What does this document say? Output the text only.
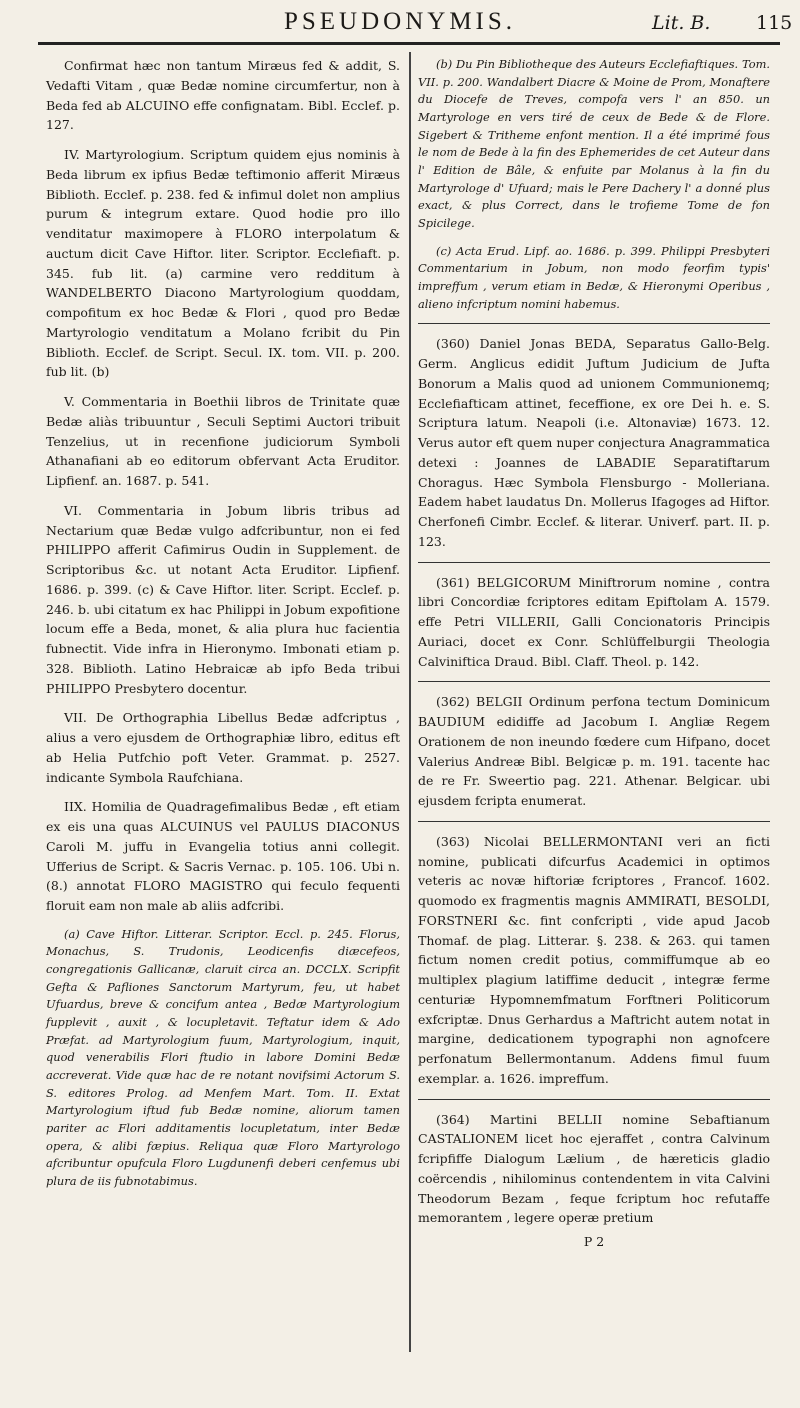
PSEUDONYMIS.	Lit. B. 115

Confirmat hæc non tantum Miræus fed & addit, S. Vedafti Vitam , quæ Bedæ nomine circumfertur, non à Beda fed ab ALCUINO effe confignatam. Bibl. Ecclef. p. 127.

IV. Martyrologium. Scriptum quidem ejus nominis à Beda librum ex ipfius Bedæ teftimonio afferit Miræus Biblioth. Ecclef. p. 238. fed & infimul dolet non amplius purum & integrum extare. Quod hodie pro illo venditatur maximopere à FLORO interpolatum & auctum dicit Cave Hiftor. liter. Scriptor. Ecclefiaft. p. 345. fub lit. (a) carmine vero redditum à WANDELBERTO Diacono Martyrologium quoddam, compofitum ex hoc Bedæ & Flori , quod pro Bedæ Martyrologio venditatum a Molano fcribit du Pin Biblioth. Ecclef. de Script. Secul. IX. tom. VII. p. 200. fub lit. (b)

V. Commentaria in Boethii libros de Trinitate quæ Bedæ aliàs tribuuntur , Seculi Septimi Auctori tribuit Tenzelius, ut in recenfione judiciorum Symboli Athanafiani ab eo editorum obfervant Acta Eruditor. Lipfienf. an. 1687. p. 541.

VI. Commentaria in Jobum libris tribus ad Nectarium quæ Bedæ vulgo adfcribuntur, non ei fed PHILIPPO afferit Cafimirus Oudin in Supplement. de Scriptoribus &c. ut notant Acta Eruditor. Lipfienf. 1686. p. 399. (c) & Cave Hiftor. liter. Script. Ecclef. p. 246. b. ubi citatum ex hac Philippi in Jobum expofitione locum effe a Beda, monet, & alia plura huc facientia fubnectit. Vide infra in Hieronymo. Imbonati etiam p. 328. Biblioth. Latino Hebraicæ ab ipfo Beda tribui PHILIPPO Presbytero docentur.

VII. De Orthographia Libellus Bedæ adfcriptus , alius a vero ejusdem de Orthographiæ libro, editus eft ab Helia Putfchio poft Veter. Grammat. p. 2527. indicante Symbola Raufchiana.

IIX. Homilia de Quadragefimalibus Bedæ , eft etiam ex eis una quas ALCUINUS vel PAULUS DIACONUS Caroli M. juffu in Evangelia totius anni collegit. Ufferius de Script. & Sacris Vernac. p. 105. 106. Ubi n. (8.) annotat FLORO MAGISTRO qui feculo fequenti floruit eam non male ab aliis adfcribi.

(a) Cave Hiftor. Litterar. Scriptor. Eccl. p. 245. Florus, Monachus, S. Trudonis, Leodicenfis diæcefeos, congregationis Gallicanæ, claruit circa an. DCCLX. Scripfit Gefta & Pafliones Sanctorum Martyrum, feu, ut habet Ufuardus, breve & concifum antea , Bedæ Martyrologium fupplevit , auxit , & locupletavit. Teftatur idem & Ado Præfat. ad Martyrologium fuum, Martyrologium, inquit, quod venerabilis Flori ftudio in labore Domini Bedæ accreverat. Vide quæ hac de re notant novifsimi Actorum S. S. editores Prolog. ad Menfem Mart. Tom. II. Extat Martyrologium iftud fub Bedæ nomine, aliorum tamen pariter ac Flori additamentis locupletatum, inter Bedæ opera, & alibi fæpius. Reliqua quæ Floro Martyrologo afcribuntur opufcula Floro Lugdunenfi deberi cenfemus ubi plura de iis fubnotabimus.

(b) Du Pin Bibliotheque des Auteurs Ecclefiaftiques. Tom. VII. p. 200. Wandalbert Diacre & Moine de Prom, Monaftere du Diocefe de Treves, compofa vers l' an 850. un Martyrologe en vers tiré de ceux de Bede & de Flore. Sigebert & Tritheme enfont mention. Il a été imprimé fous le nom de Bede à la fin des Ephemerides de cet Auteur dans l' Edition de Bâle, & enfuite par Molanus à la fin du Martyrologe d' Ufuard; mais le Pere Dachery l' a donné plus exact, & plus Correct, dans le trofieme Tome de fon Spicilege.

(c) Acta Erud. Lipf. ao. 1686. p. 399. Philippi Presbyteri Commentarium in Jobum, non modo feorfim typis' impreffum , verum etiam in Bedæ, & Hieronymi Operibus , alieno infcriptum nomini habemus.

(360) Daniel Jonas BEDA, Separatus Gallo-Belg. Germ. Anglicus edidit Juftum Judicium de Jufta Bonorum a Malis quod ad unionem Communionemq; Ecclefiafticam attinet, feceffione, ex ore Dei h. e. S. Scriptura latum. Neapoli (i.e. Altonaviæ) 1673. 12. Verus autor eft quem nuper conjectura Anagrammatica detexi : Joannes de LABADIE Separatiftarum Choragus. Hæc Symbola Flensburgo - Molleriana. Eadem habet laudatus Dn. Mollerus Ifagoges ad Hiftor. Cherfonefi Cimbr. Ecclef. & literar. Univerf. part. II. p. 123.

(361) BELGICORUM Miniftrorum nomine , contra libri Concordiæ fcriptores editam Epiftolam A. 1579. effe Petri VILLERII, Galli Concionatoris Principis Auriaci, docet ex Conr. Schlüffelburgii Theologia Calviniftica Draud. Bibl. Claff. Theol. p. 142.

(362) BELGII Ordinum perfona tectum Dominicum BAUDIUM edidiffe ad Jacobum I. Angliæ Regem Orationem de non ineundo fœdere cum Hifpano, docet Valerius Andreæ Bibl. Belgicæ p. m. 191. tacente hac de re Fr. Sweertio pag. 221. Athenar. Belgicar. ubi ejusdem fcripta enumerat.

(363) Nicolai BELLERMONTANI veri an ficti nomine, publicati difcurfus Academici in optimos veteris ac novæ hiftoriæ fcriptores , Francof. 1602. quomodo ex fragmentis magnis AMMIRATI, BESOLDI, FORSTNERI &c. fint confcripti , vide apud Jacob Thomaf. de plag. Litterar. §. 238. & 263. qui tamen fictum nomen credit potius, commiffumque ab eo multiplex plagium latiffime deducit , integræ ferme centuriæ Hypomnemfmatum Forftneri Politicorum exfcriptæ. Dnus Gerhardus a Maftricht autem notat in margine, dedicationem typographi non agnofcere perfonatum Bellermontanum. Addens fimul fuum exemplar. a. 1626. impreffum.

(364) Martini BELLII nomine Sebaftianum CASTALIONEM licet hoc ejeraffet , contra Calvinum fcripfiffe Dialogum Lælium , de hæreticis gladio coërcendis , nihilominus contendentem in vita Calvini Theodorum Bezam , feque fcriptum hoc refutaffe memorantem , legere operæ pretium

P 2
